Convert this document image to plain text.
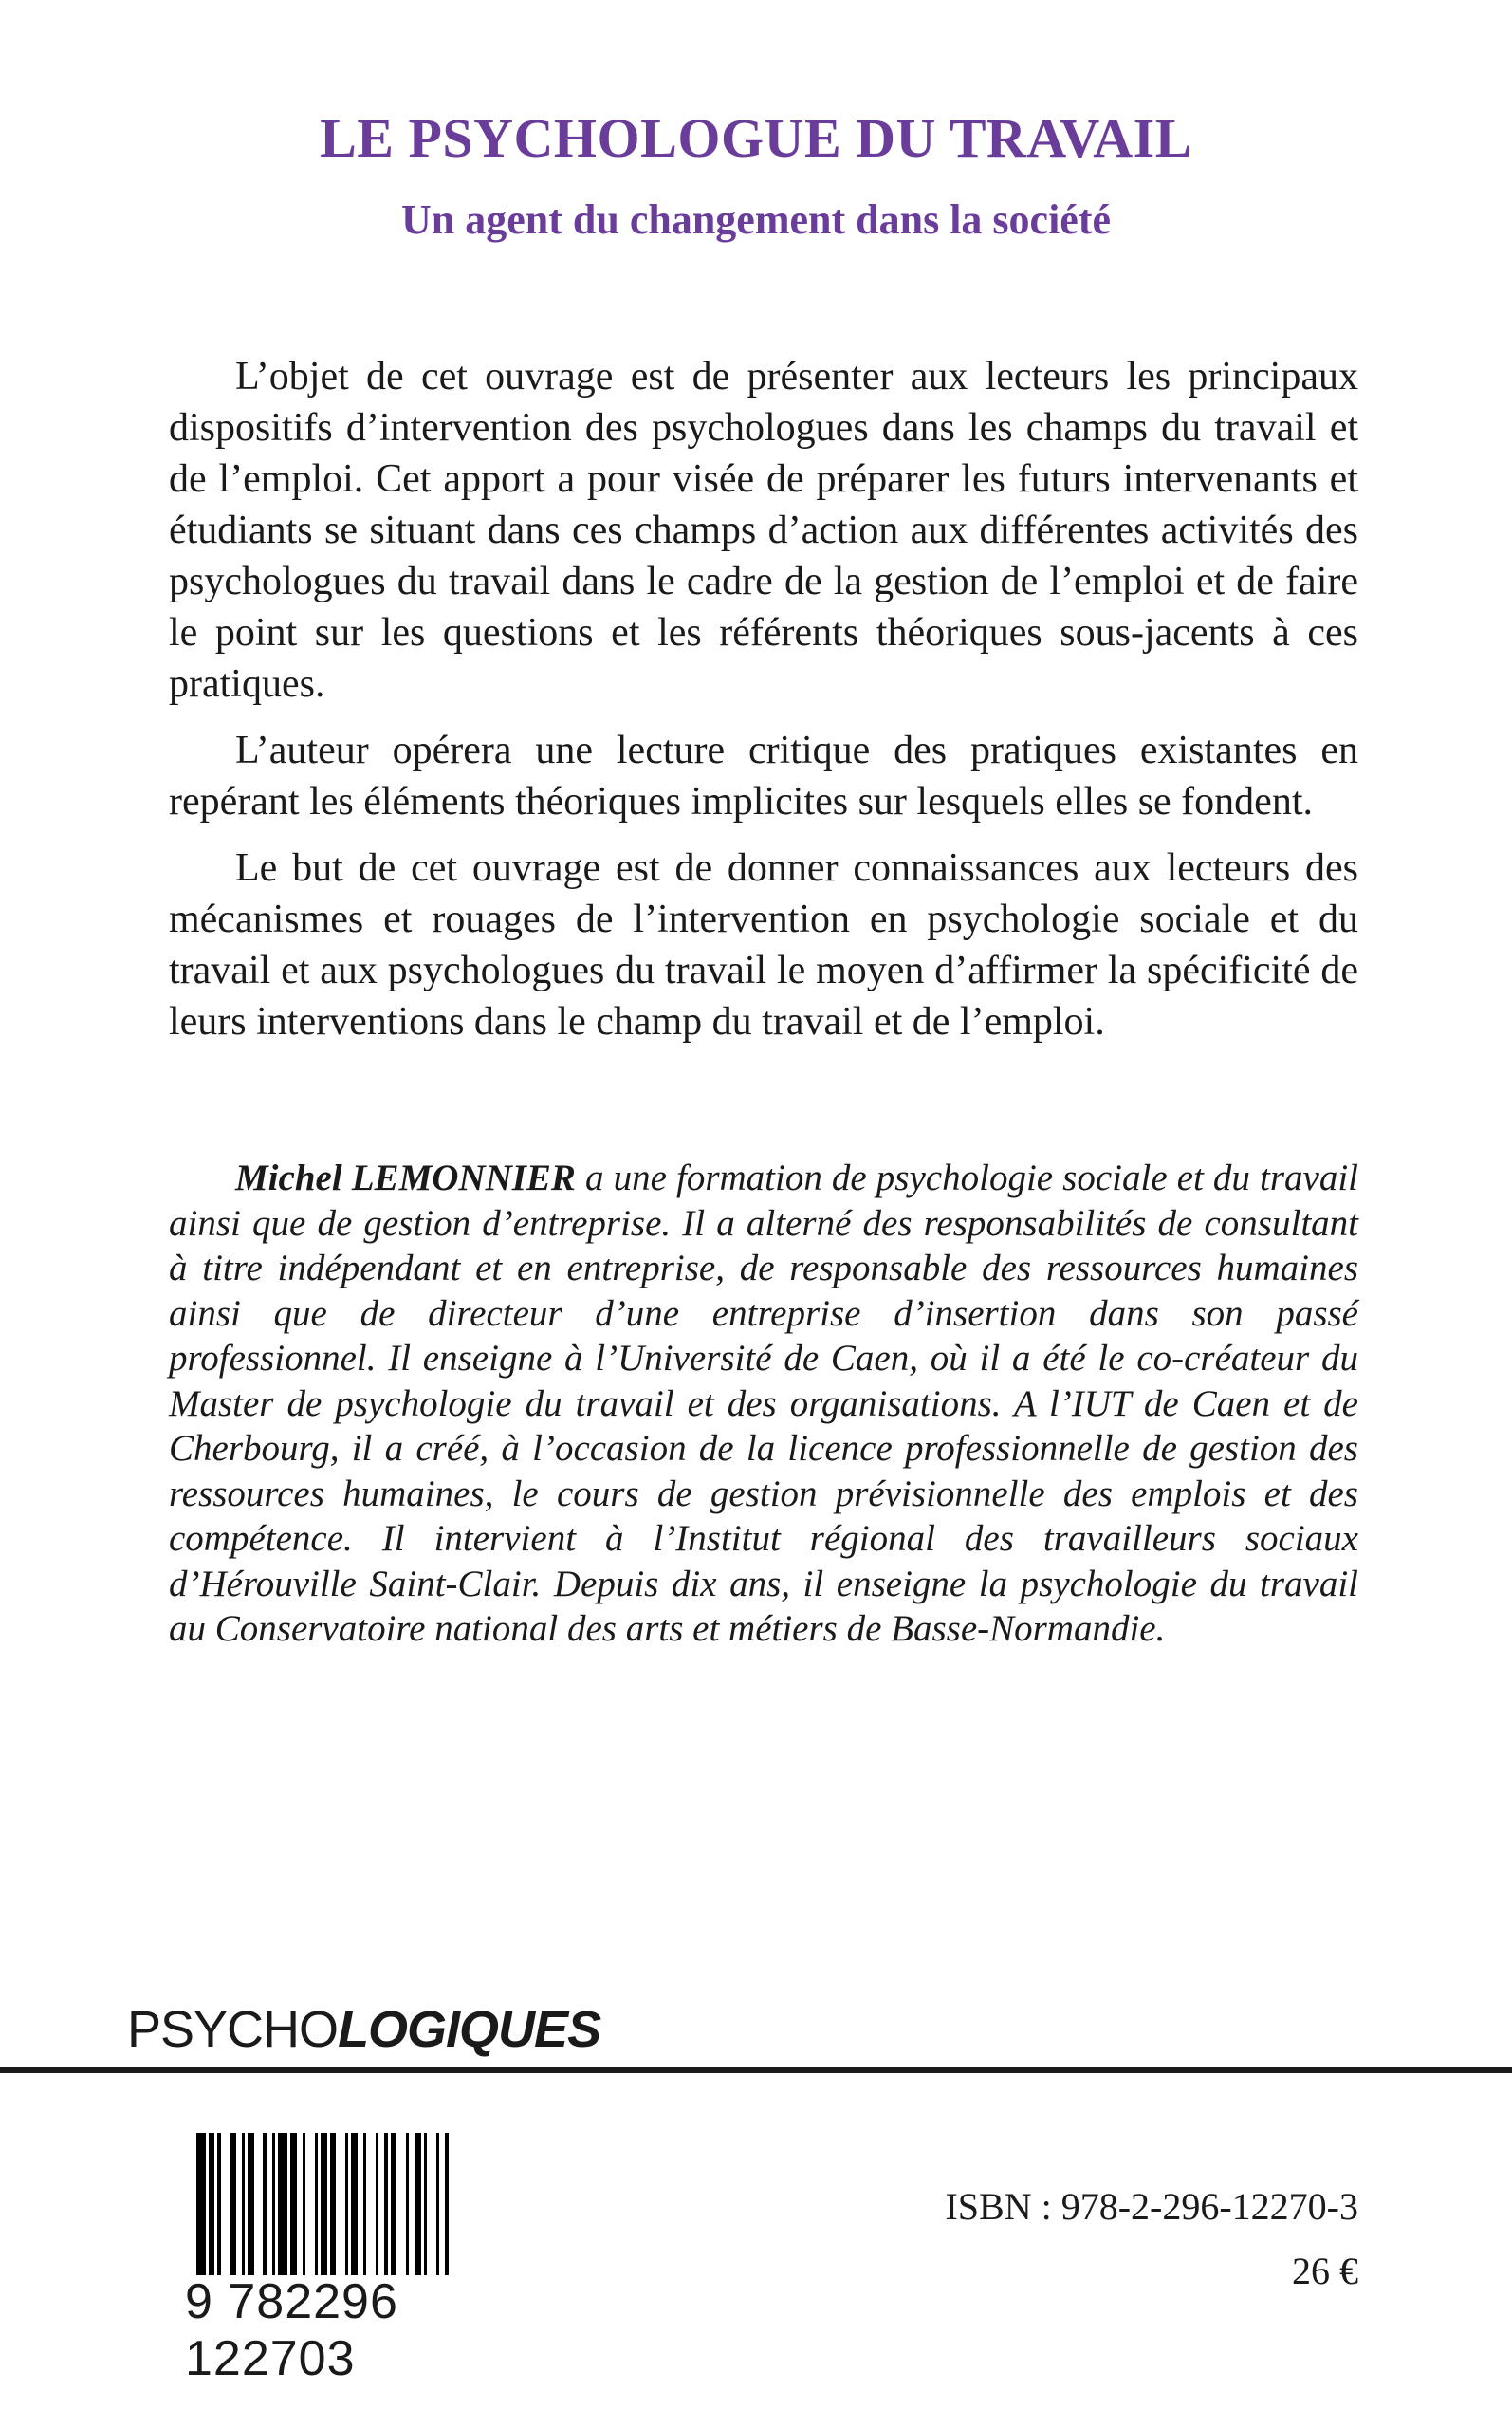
LE PSYCHOLOGUE DU TRAVAIL
Un agent du changement dans la société

L’objet de cet ouvrage est de présenter aux lecteurs les principaux dispositifs d’intervention des psychologues dans les champs du travail et de l’emploi. Cet apport a pour visée de préparer les futurs intervenants et étudiants se situant dans ces champs d’action aux différentes activités des psychologues du travail dans le cadre de la gestion de l’emploi et de faire le point sur les questions et les référents théoriques sous-jacents à ces pratiques.

L’auteur opérera une lecture critique des pratiques existantes en repérant les éléments théoriques implicites sur lesquels elles se fondent.

Le but de cet ouvrage est de donner connaissances aux lecteurs des mécanismes et rouages de l’intervention en psychologie sociale et du travail et aux psychologues du travail le moyen d’affirmer la spécificité de leurs interventions dans le champ du travail et de l’emploi.

Michel LEMONNIER a une formation de psychologie sociale et du travail ainsi que de gestion d’entreprise. Il a alterné des responsabilités de consultant à titre indépendant et en entreprise, de responsable des ressources humaines ainsi que de directeur d’une entreprise d’insertion dans son passé professionnel. Il enseigne à l’Université de Caen, où il a été le co-créateur du Master de psychologie du travail et des organisations. A l’IUT de Caen et de Cherbourg, il a créé, à l’occasion de la licence professionnelle de gestion des ressources humaines, le cours de gestion prévisionnelle des emplois et des compétence. Il intervient à l’Institut régional des travailleurs sociaux d’Hérouville Saint-Clair. Depuis dix ans, il enseigne la psychologie du travail au Conservatoire national des arts et métiers de Basse-Normandie.

PSYCHOLOGIQUES
9 782296 122703

ISBN : 978-2-296-12270-3

26 €
